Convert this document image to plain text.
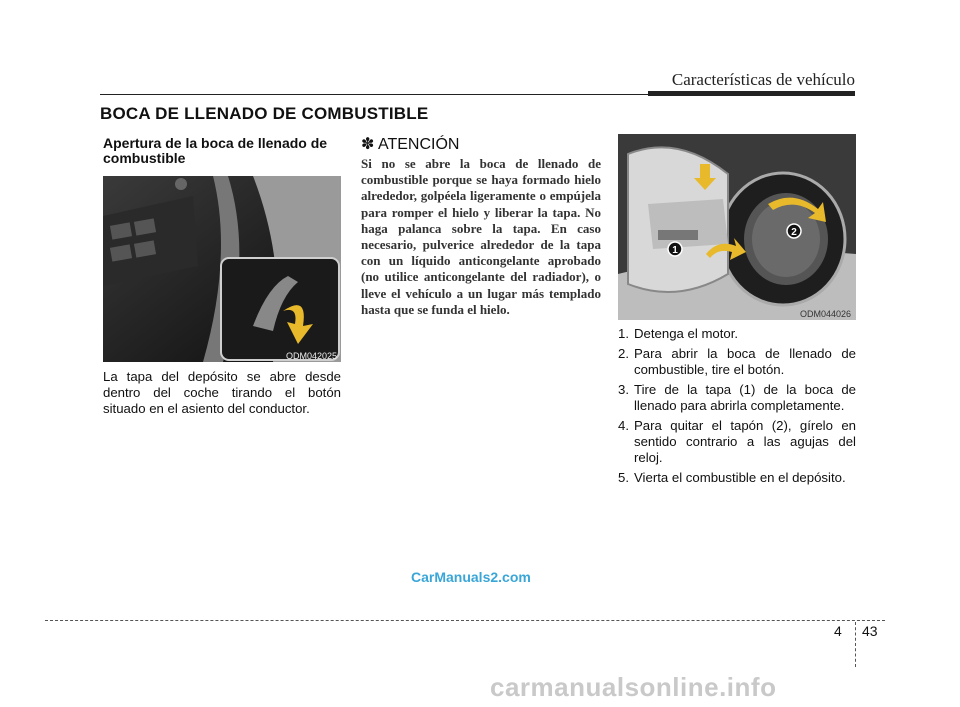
Características de vehículo
BOCA DE LLENADO DE COMBUSTIBLE
Apertura de la boca de llenado de combustible
ODM042025
La tapa del depósito se abre desde dentro del coche tirando el botón situado en el asiento del conductor.
✽ ATENCIÓN
Si no se abre la boca de llenado de combustible porque se haya formado hielo alrededor, golpéela ligeramente o empújela para romper el hielo y liberar la tapa. No haga palanca sobre la tapa. En caso necesario, pulverice alrededor de la tapa con un líquido anticongelante aprobado (no utilice anticongelante del radiador), o lleve el vehículo a un lugar más templado hasta que se funda el hielo.
1
2
ODM044026
1. Detenga el motor.
2. Para abrir la boca de llenado de combustible, tire el botón.
3. Tire de la tapa (1) de la boca de llenado para abrirla completamente.
4. Para quitar el tapón (2), gírelo en sentido contrario a las agujas del reloj.
5. Vierta el combustible en el depósito.
CarManuals2.com
4 43
carmanualsonline.info
